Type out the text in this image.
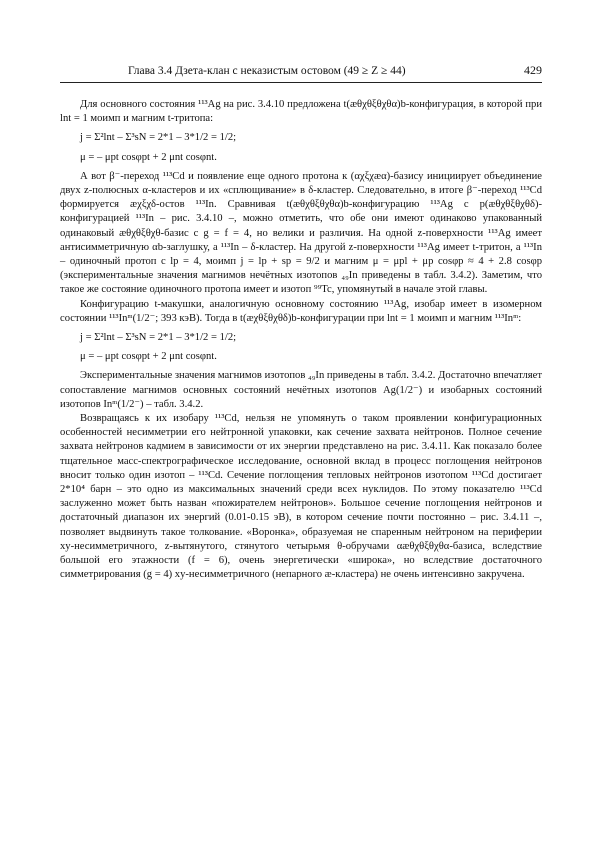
Глава 3.4 Дзета-клан с неказистым остовом (49 ≥ Z ≥ 44)	429

Для основного состояния ¹¹³Ag на рис. 3.4.10 предложена t(æθχθξθχθα)b-конфигурация, в которой при lnt = 1 моимп и магним t-тритопа:

j = Σ²lnt – Σ³sN = 2*1 – 3*1/2 = 1/2;

μ = – μpt cosφpt + 2 μnt cosφnt.

А вот β⁻-переход ¹¹³Cd и появление еще одного протона к (αχξχæα)-базису инициирует объединение двух z-полюсных α-кластеров и их «сплющивание» в δ-кластер. Следовательно, в итоге β⁻-переход ¹¹³Cd формируется æχξχδ-остов ¹¹³In. Сравнивая t(æθχθξθχθα)b-конфигурацию ¹¹³Ag с p(æθχθξθχθδ)-конфигурацией ¹¹³In – рис. 3.4.10 –, можно отметить, что обе они имеют одинаково упакованный одинаковый æθχθξθχθ-базис с g = f = 4, но велики и различия. На одной z-поверхности ¹¹³Ag имеет антисимметричную αb-заглушку, а ¹¹³In – δ-кластер. На другой z-поверхности ¹¹³Ag имеет t-тритон, а ¹¹³In – одиночный протоп с lp = 4, моимп j = lp + sp = 9/2 и магним μ = μpl + μp cosφp ≈ 4 + 2.8 cosφp (экспериментальные значения магнимов нечётных изотопов ₄₉In приведены в табл. 3.4.2). Заметим, что такое же состояние одиночного протопа имеет и изотоп ⁹⁹Tc, упомянутый в начале этой главы.

Конфигурацию t-макушки, аналогичную основному состоянию ¹¹³Ag, изобар имеет в изомерном состоянии ¹¹³Inᵐ(1/2⁻; 393 кэВ). Тогда в t(æχθξθχθδ)b-конфигурации при lnt = 1 моимп и магним ¹¹³Inᵐ:

j = Σ²lnt – Σ³sN = 2*1 – 3*1/2 = 1/2;

μ = – μpt cosφpt + 2 μnt cosφnt.

Экспериментальные значения магнимов изотопов ₄₉In приведены в табл. 3.4.2. Достаточно впечатляет сопоставление магнимов основных состояний нечётных изотопов Ag(1/2⁻) и изобарных состояний изотопов Inᵐ(1/2⁻) – табл. 3.4.2.

Возвращаясь к их изобару ¹¹³Cd, нельзя не упомянуть о таком проявлении конфигурационных особенностей несимметрии его нейтронной упаковки, как сечение захвата нейтронов. Полное сечение захвата нейтронов кадмием в зависимости от их энергии представлено на рис. 3.4.11. Как показало более тщательное масс-спектрографическое исследование, основной вклад в процесс поглощения нейтронов вносит только один изотоп – ¹¹³Cd. Сечение поглощения тепловых нейтронов изотопом ¹¹³Cd достигает 2*10⁴ барн – это одно из максимальных значений среди всех нуклидов. По этому показателю ¹¹³Cd заслуженно может быть назван «пожирателем нейтронов». Большое сечение поглощения нейтронов и достаточный диапазон их энергий (0.01-0.15 эВ), в котором сечение почти постоянно – рис. 3.4.11 –, позволяет выдвинуть такое толкование. «Воронка», образуемая не спаренным нейтроном на периферии xy-несимметричного, z-вытянутого, стянутого четырьмя θ-обручами αæθχθξθχθα-базиса, вследствие большой его этажности (f = 6), очень энергетически «широка», но вследствие достаточного симметрирования (g = 4) xy-несимметричного (непарного æ-кластера) не очень интенсивно закручена.
